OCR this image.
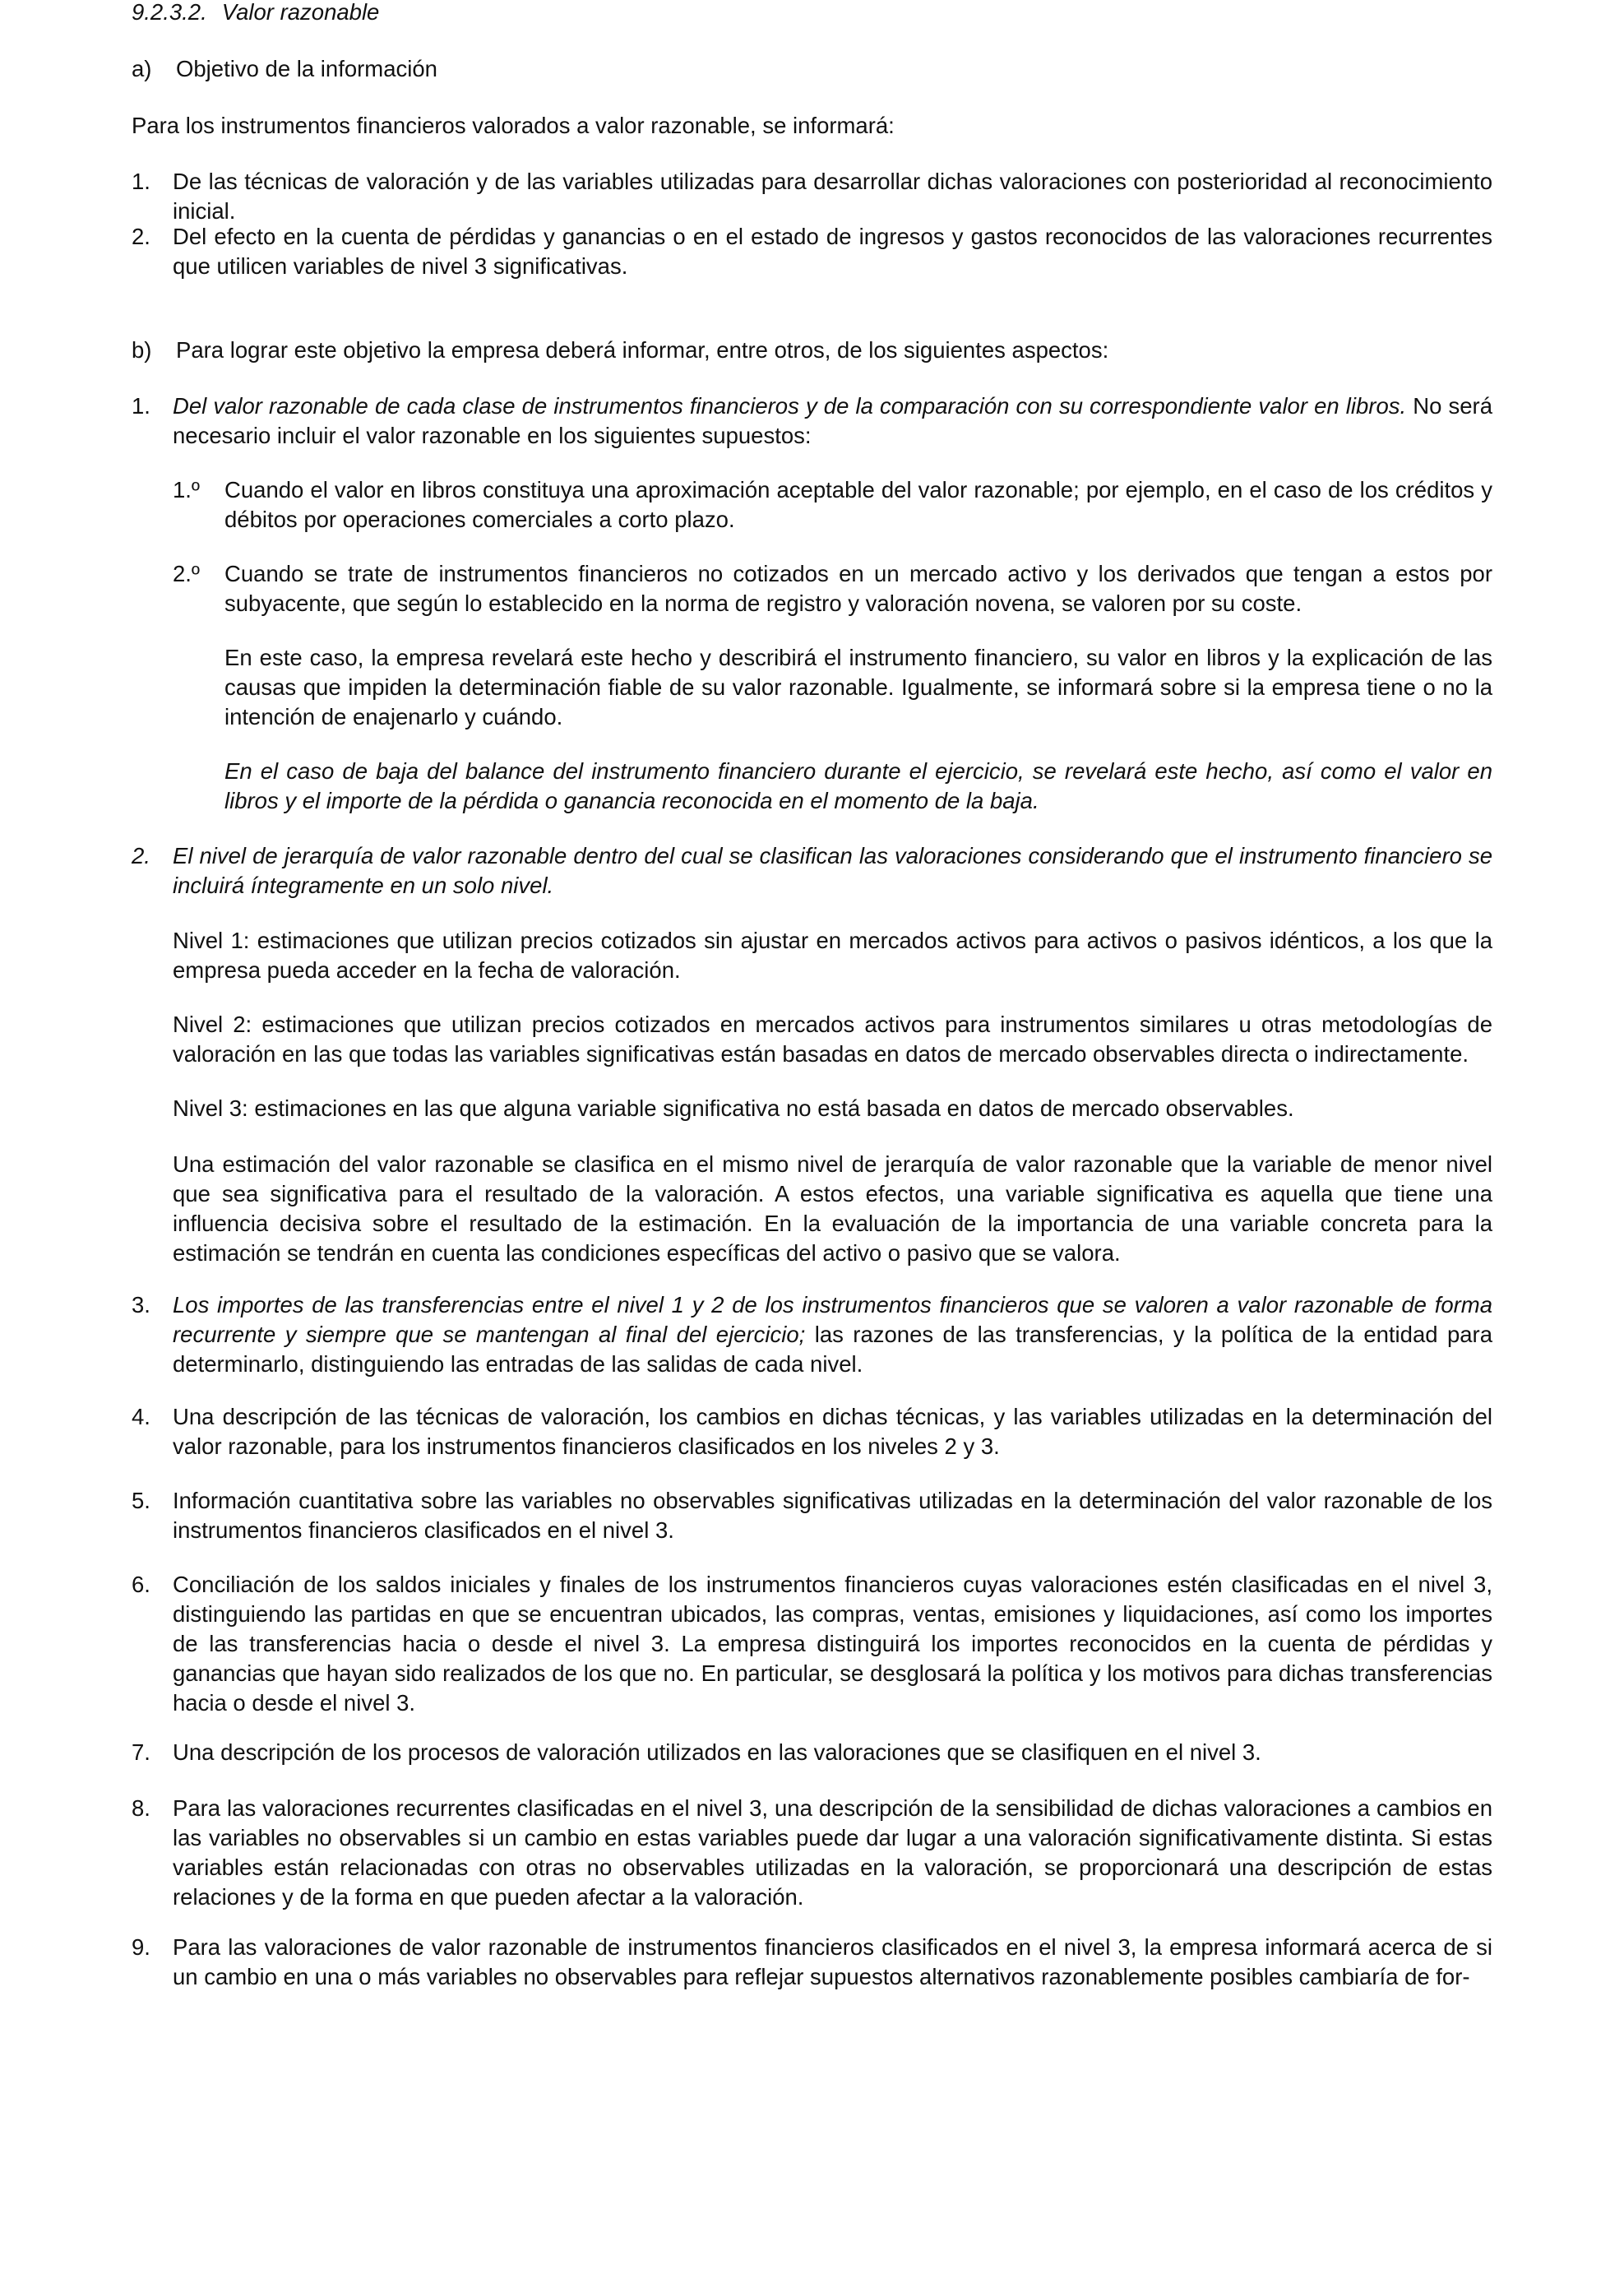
9.2.3.2. Valor razonable
a)	Objetivo de la información

Para los instrumentos financieros valorados a valor razonable, se informará:

1. De las técnicas de valoración y de las variables utilizadas para desarrollar dichas valoraciones con posterioridad al reconocimiento inicial.

2. Del efecto en la cuenta de pérdidas y ganancias o en el estado de ingresos y gastos reconocidos de las valoraciones recurrentes que utilicen variables de nivel 3 significativas.

b)	Para lograr este objetivo la empresa deberá informar, entre otros, de los siguientes aspectos:
1. Del valor razonable de cada clase de instrumentos financieros y de la comparación con su correspondiente valor en libros. No será necesario incluir el valor razonable en los siguientes supuestos:

1.º Cuando el valor en libros constituya una aproximación aceptable del valor razonable; por ejemplo, en el caso de los créditos y débitos por operaciones comerciales a corto plazo.

2.º Cuando se trate de instrumentos financieros no cotizados en un mercado activo y los derivados que tengan a estos por subyacente, que según lo establecido en la norma de registro y valoración novena, se valoren por su coste.

En este caso, la empresa revelará este hecho y describirá el instrumento financiero, su valor en libros y la explicación de las causas que impiden la determinación fiable de su valor razonable. Igualmente, se informará sobre si la empresa tiene o no la intención de enajenarlo y cuándo.

En el caso de baja del balance del instrumento financiero durante el ejercicio, se revelará este hecho, así como el valor en libros y el importe de la pérdida o ganancia reconocida en el momento de la baja.

2. El nivel de jerarquía de valor razonable dentro del cual se clasifican las valoraciones considerando que el instrumento financiero se incluirá íntegramente en un solo nivel.

Nivel 1: estimaciones que utilizan precios cotizados sin ajustar en mercados activos para activos o pasivos idénticos, a los que la empresa pueda acceder en la fecha de valoración.

Nivel 2: estimaciones que utilizan precios cotizados en mercados activos para instrumentos similares u otras metodologías de valoración en las que todas las variables significativas están basadas en datos de mercado observables directa o indirectamente.

Nivel 3: estimaciones en las que alguna variable significativa no está basada en datos de mercado observables.

Una estimación del valor razonable se clasifica en el mismo nivel de jerarquía de valor razonable que la variable de menor nivel que sea significativa para el resultado de la valoración. A estos efectos, una variable significativa es aquella que tiene una influencia decisiva sobre el resultado de la estimación. En la evaluación de la importancia de una variable concreta para la estimación se tendrán en cuenta las condiciones específicas del activo o pasivo que se valora.

3. Los importes de las transferencias entre el nivel 1 y 2 de los instrumentos financieros que se valoren a valor razonable de forma recurrente y siempre que se mantengan al final del ejercicio; las razones de las transferencias, y la política de la entidad para determinarlo, distinguiendo las entradas de las salidas de cada nivel.

4. Una descripción de las técnicas de valoración, los cambios en dichas técnicas, y las variables utilizadas en la determinación del valor razonable, para los instrumentos financieros clasificados en los niveles 2 y 3.

5. Información cuantitativa sobre las variables no observables significativas utilizadas en la determinación del valor razonable de los instrumentos financieros clasificados en el nivel 3.

6. Conciliación de los saldos iniciales y finales de los instrumentos financieros cuyas valoraciones estén clasificadas en el nivel 3, distinguiendo las partidas en que se encuentran ubicados, las compras, ventas, emisiones y liquidaciones, así como los importes de las transferencias hacia o desde el nivel 3. La empresa distinguirá los importes reconocidos en la cuenta de pérdidas y ganancias que hayan sido realizados de los que no. En particular, se desglosará la política y los motivos para dichas transferencias hacia o desde el nivel 3.

7. Una descripción de los procesos de valoración utilizados en las valoraciones que se clasifiquen en el nivel 3.

8. Para las valoraciones recurrentes clasificadas en el nivel 3, una descripción de la sensibilidad de dichas valoraciones a cambios en las variables no observables si un cambio en estas variables puede dar lugar a una valoración significativamente distinta. Si estas variables están relacionadas con otras no observables utilizadas en la valoración, se proporcionará una descripción de estas relaciones y de la forma en que pueden afectar a la valoración.

9. Para las valoraciones de valor razonable de instrumentos financieros clasificados en el nivel 3, la empresa informará acerca de si un cambio en una o más variables no observables para reflejar supuestos alternativos razonablemente posibles cambiaría de for-
